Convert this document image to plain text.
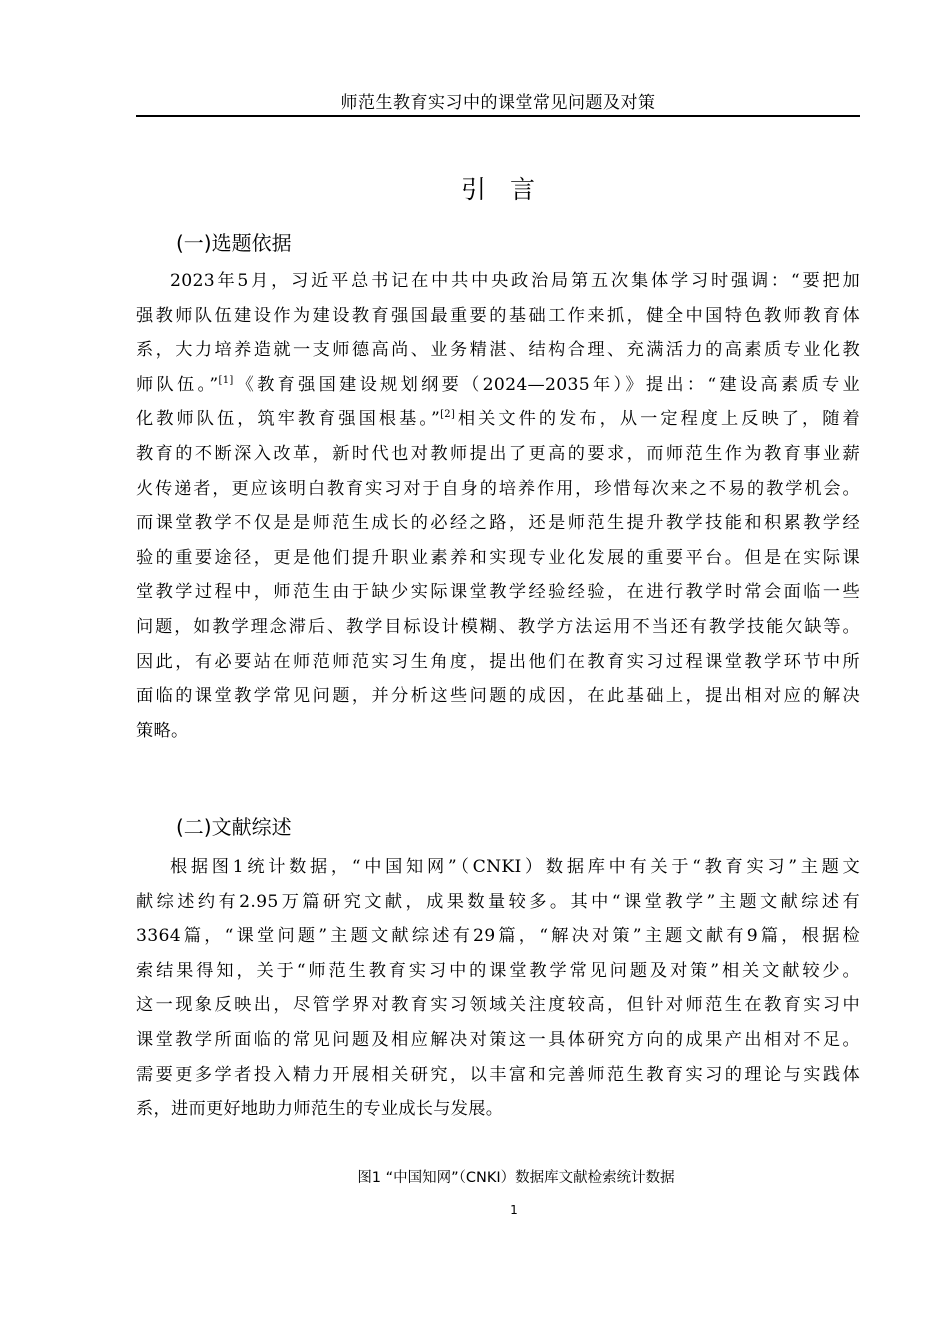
师范生教育实习中的课堂常见问题及对策
引言
(一)选题依据
2023年5月，习近平总书记在中共中央政治局第五次集体学习时强调：“要把加
强教师队伍建设作为建设教育强国最重要的基础工作来抓，健全中国特色教师教育体
系，大力培养造就一支师德高尚、业务精湛、结构合理、充满活力的高素质专业化教
师队伍。”[1]《教育强国建设规划纲要（2024—2035年）》提出：“建设高素质专业
化教师队伍，筑牢教育强国根基。”[2]相关文件的发布，从一定程度上反映了，随着
教育的不断深入改革，新时代也对教师提出了更高的要求，而师范生作为教育事业薪
火传递者，更应该明白教育实习对于自身的培养作用，珍惜每次来之不易的教学机会。
而课堂教学不仅是是师范生成长的必经之路，还是师范生提升教学技能和积累教学经
验的重要途径，更是他们提升职业素养和实现专业化发展的重要平台。但是在实际课
堂教学过程中，师范生由于缺少实际课堂教学经验经验，在进行教学时常会面临一些
问题，如教学理念滞后、教学目标设计模糊、教学方法运用不当还有教学技能欠缺等。
因此，有必要站在师范师范实习生角度，提出他们在教育实习过程课堂教学环节中所
面临的课堂教学常见问题，并分析这些问题的成因，在此基础上，提出相对应的解决
策略。
(二)文献综述
根据图1统计数据，“中国知网”（CNKI）数据库中有关于“教育实习”主题文
献综述约有2.95万篇研究文献，成果数量较多。其中“课堂教学”主题文献综述有
3364篇，“课堂问题”主题文献综述有29篇，“解决对策”主题文献有9篇，根据检
索结果得知，关于“师范生教育实习中的课堂教学常见问题及对策”相关文献较少。
这一现象反映出，尽管学界对教育实习领域关注度较高，但针对师范生在教育实习中
课堂教学所面临的常见问题及相应解决对策这一具体研究方向的成果产出相对不足。
需要更多学者投入精力开展相关研究，以丰富和完善师范生教育实习的理论与实践体
系，进而更好地助力师范生的专业成长与发展。
图1 “中国知网”（CNKI）数据库文献检索统计数据
1
